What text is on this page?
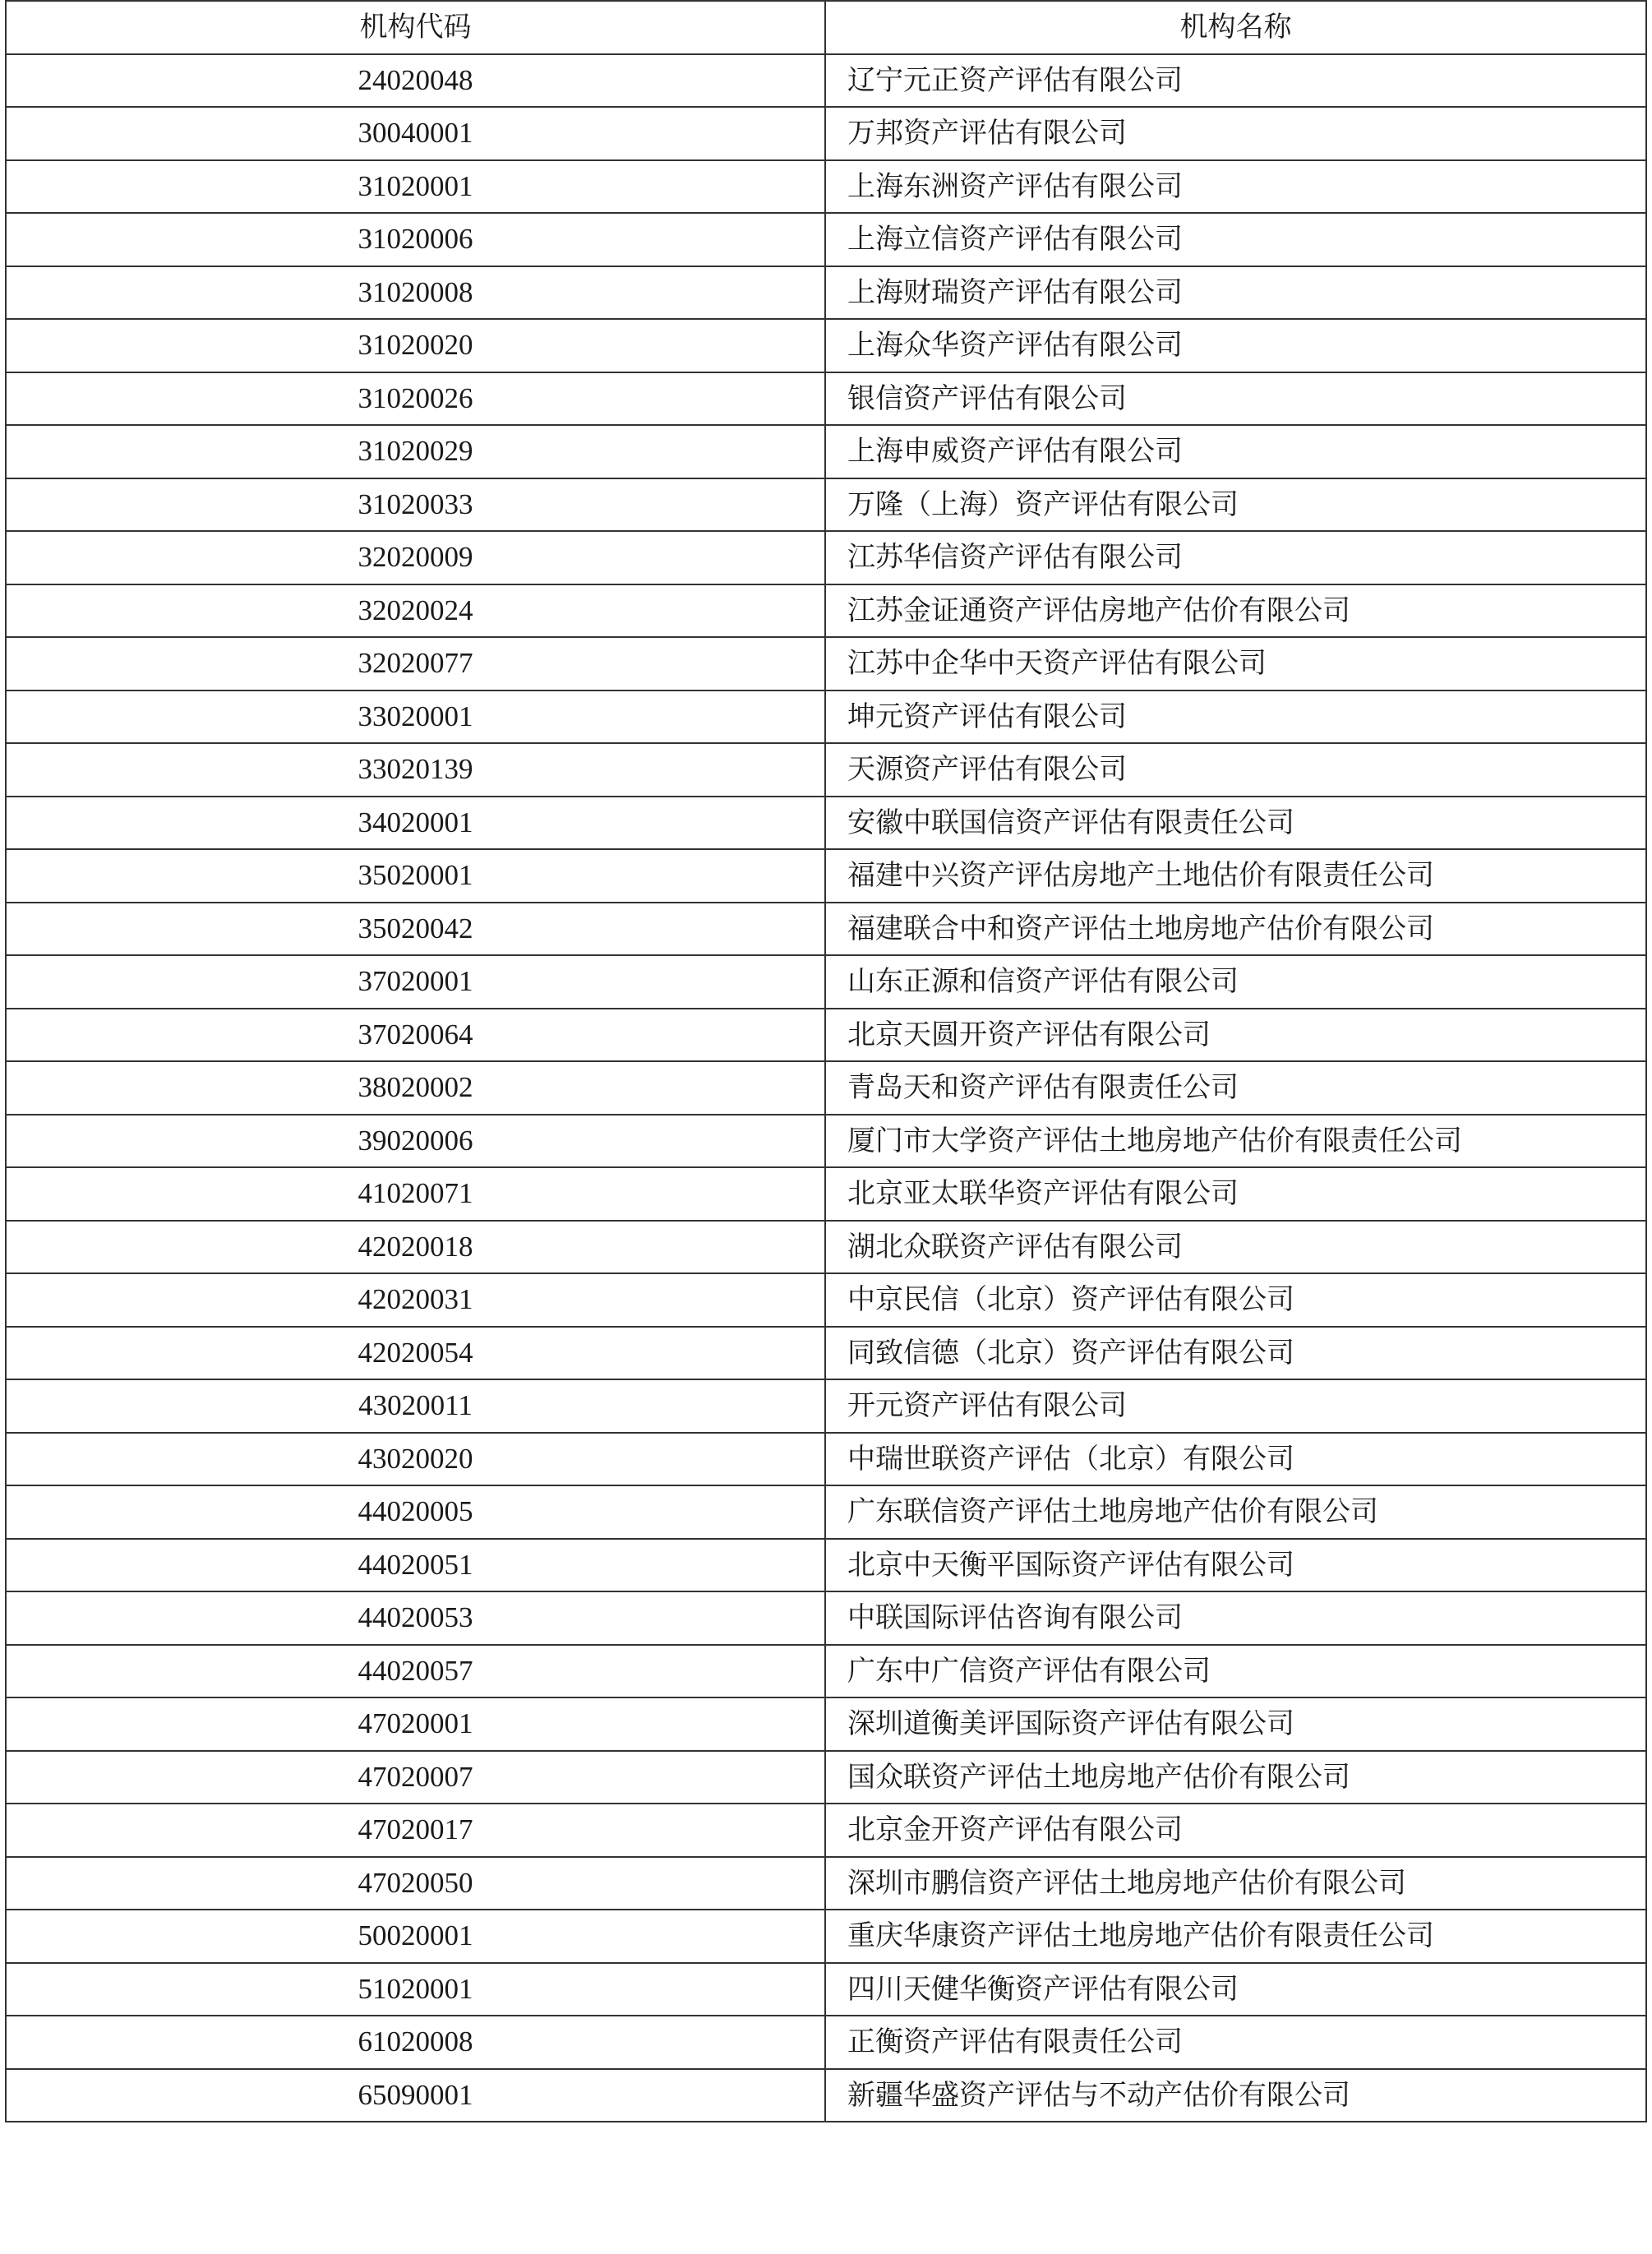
机构代码	机构名称
24020048	辽宁元正资产评估有限公司
30040001	万邦资产评估有限公司
31020001	上海东洲资产评估有限公司
31020006	上海立信资产评估有限公司
31020008	上海财瑞资产评估有限公司
31020020	上海众华资产评估有限公司
31020026	银信资产评估有限公司
31020029	上海申威资产评估有限公司
31020033	万隆（上海）资产评估有限公司
32020009	江苏华信资产评估有限公司
32020024	江苏金证通资产评估房地产估价有限公司
32020077	江苏中企华中天资产评估有限公司
33020001	坤元资产评估有限公司
33020139	天源资产评估有限公司
34020001	安徽中联国信资产评估有限责任公司
35020001	福建中兴资产评估房地产土地估价有限责任公司
35020042	福建联合中和资产评估土地房地产估价有限公司
37020001	山东正源和信资产评估有限公司
37020064	北京天圆开资产评估有限公司
38020002	青岛天和资产评估有限责任公司
39020006	厦门市大学资产评估土地房地产估价有限责任公司
41020071	北京亚太联华资产评估有限公司
42020018	湖北众联资产评估有限公司
42020031	中京民信（北京）资产评估有限公司
42020054	同致信德（北京）资产评估有限公司
43020011	开元资产评估有限公司
43020020	中瑞世联资产评估（北京）有限公司
44020005	广东联信资产评估土地房地产估价有限公司
44020051	北京中天衡平国际资产评估有限公司
44020053	中联国际评估咨询有限公司
44020057	广东中广信资产评估有限公司
47020001	深圳道衡美评国际资产评估有限公司
47020007	国众联资产评估土地房地产估价有限公司
47020017	北京金开资产评估有限公司
47020050	深圳市鹏信资产评估土地房地产估价有限公司
50020001	重庆华康资产评估土地房地产估价有限责任公司
51020001	四川天健华衡资产评估有限公司
61020008	正衡资产评估有限责任公司
65090001	新疆华盛资产评估与不动产估价有限公司
